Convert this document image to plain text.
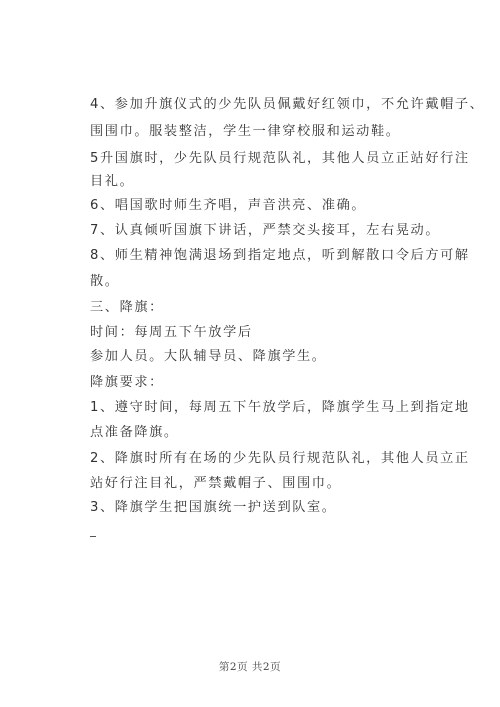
4、参加升旗仪式的少先队员佩戴好红领巾，不允许戴帽子、
围围巾。服装整洁，学生一律穿校服和运动鞋。
5升国旗时，少先队员行规范队礼，其他人员立正站好行注
目礼。
6、唱国歌时师生齐唱，声音洪亮、准确。
7、认真倾听国旗下讲话，严禁交头接耳，左右晃动。
8、师生精神饱满退场到指定地点，听到解散口令后方可解
散。
三、降旗：
时间：每周五下午放学后
参加人员。大队辅导员、降旗学生。
降旗要求：
1、遵守时间，每周五下午放学后，降旗学生马上到指定地
点准备降旗。
2、降旗时所有在场的少先队员行规范队礼，其他人员立正
站好行注目礼，严禁戴帽子、围围巾。
3、降旗学生把国旗统一护送到队室。
第2页 共2页
